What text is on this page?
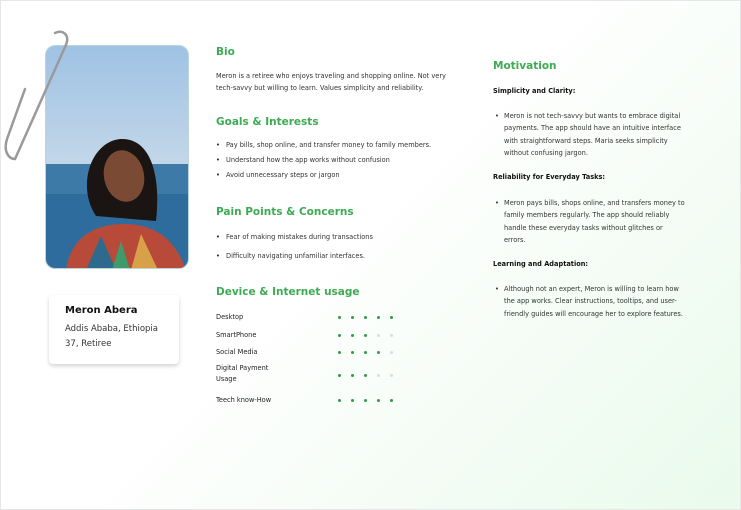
Meron Abera
Addis Ababa, Ethiopia
37, Retiree
Bio
Meron is a retiree who enjoys traveling and shopping online. Not very tech-savvy but willing to learn. Values simplicity and reliability.
Goals & Interests
• Pay bills, shop online, and transfer money to family members.
• Understand how the app works without confusion
• Avoid unnecessary steps or jargon
Pain Points & Concerns
• Fear of making mistakes during transactions
• Difficulty navigating unfamiliar interfaces.
Device & Internet usage
Desktop
SmartPhone
Social Media
Digital Payment Usage
Teech know-How
Motivation
Simplicity and Clarity:
• Meron is not tech-savvy but wants to embrace digital payments. The app should have an intuitive interface with straightforward steps. Maria seeks simplicity without confusing jargon.
Reliability for Everyday Tasks:
• Meron pays bills, shops online, and transfers money to family members regularly. The app should reliably handle these everyday tasks without glitches or errors.
Learning and Adaptation:
• Although not an expert, Meron is willing to learn how the app works. Clear instructions, tooltips, and user-friendly guides will encourage her to explore features.
